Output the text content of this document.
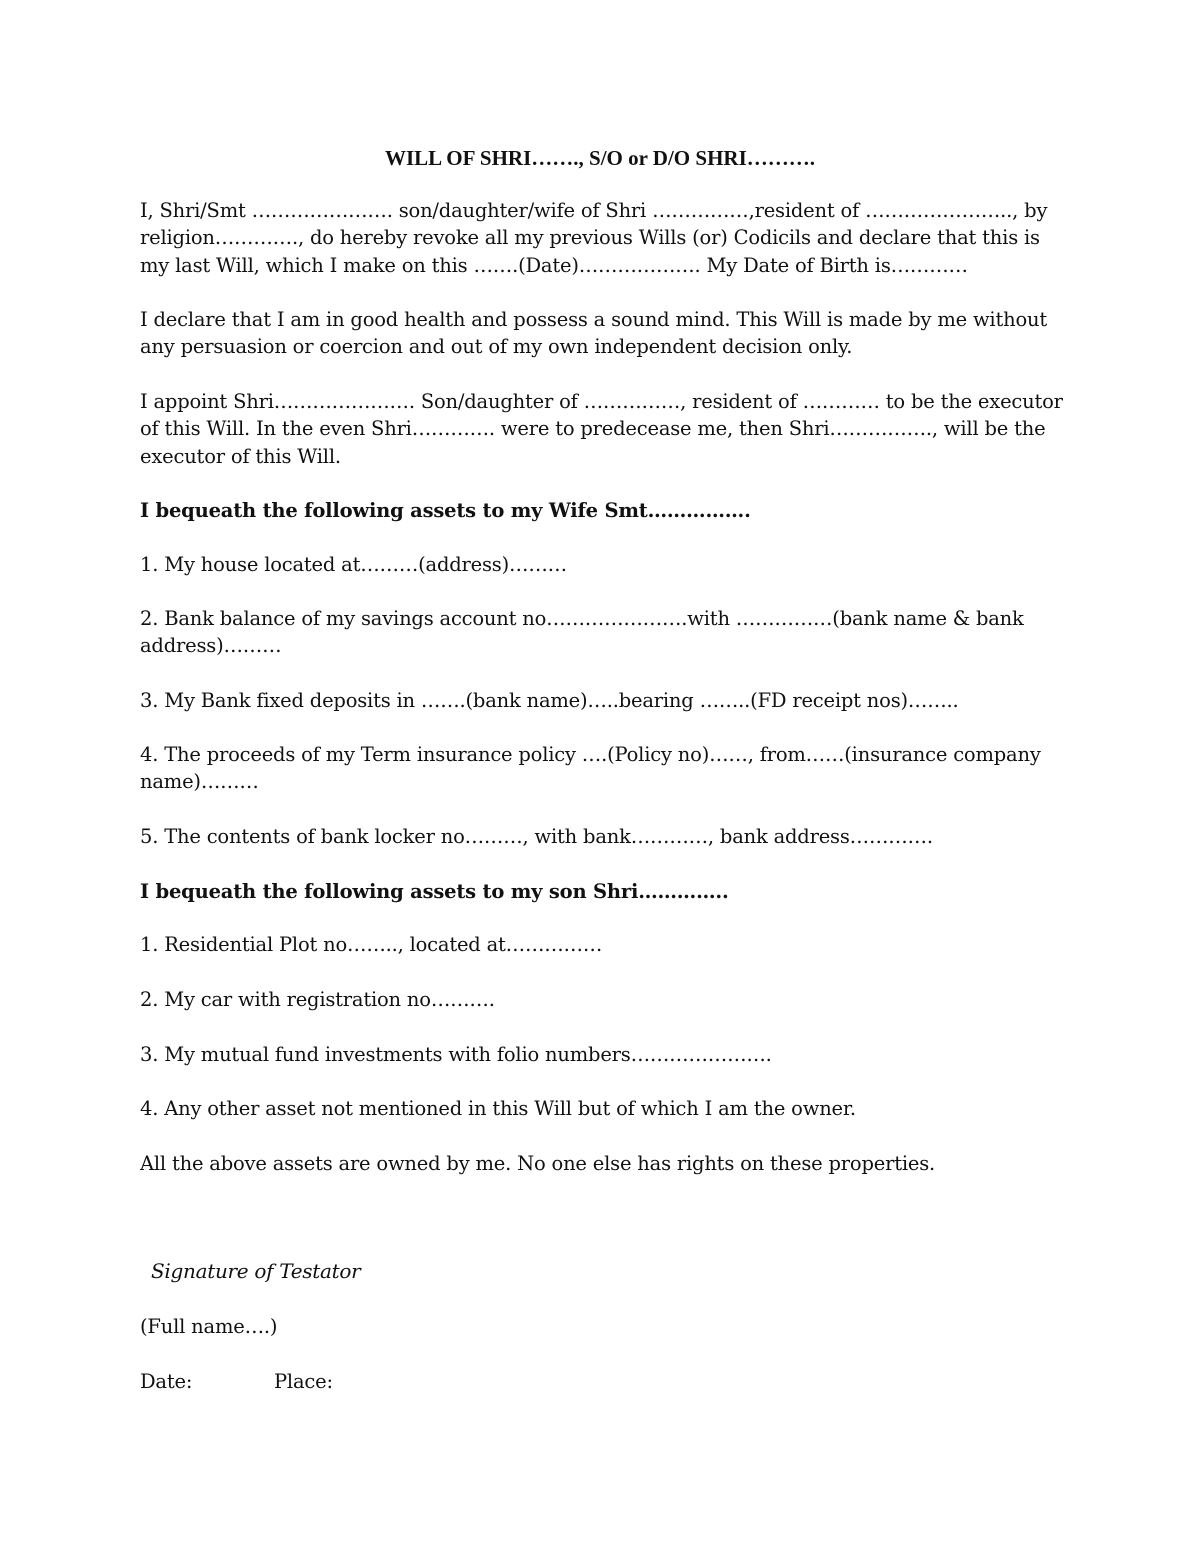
WILL OF SHRI……., S/O or D/O SHRI……….
I, Shri/Smt …………………. son/daughter/wife of Shri ……………,resident of ………………….., by religion…………., do hereby revoke all my previous Wills (or) Codicils and declare that this is my last Will, which I make on this …….(Date)………………. My Date of Birth is…………
I declare that I am in good health and possess a sound mind. This Will is made by me without any persuasion or coercion and out of my own independent decision only.
I appoint Shri…………………. Son/daughter of ……………, resident of ………… to be the executor of this Will. In the even Shri…………. were to predecease me, then Shri……………., will be the executor of this Will.
I bequeath the following assets to my Wife Smt…………….
1. My house located at………(address)………
2. Bank balance of my savings account no………………….with ……………(bank name & bank address)………
3. My Bank fixed deposits in …….(bank name)…..bearing ……..(FD receipt nos)……..
4. The proceeds of my Term insurance policy ….(Policy no)……, from……(insurance company name)………
5. The contents of bank locker no………, with bank…………, bank address………….
I bequeath the following assets to my son Shri…………..
1. Residential Plot no…….., located at……………
2. My car with registration no……….
3. My mutual fund investments with folio numbers………………….
4. Any other asset not mentioned in this Will but of which I am the owner.
All the above assets are owned by me. No one else has rights on these properties.
Signature of Testator
(Full name….)
Date:	Place:
